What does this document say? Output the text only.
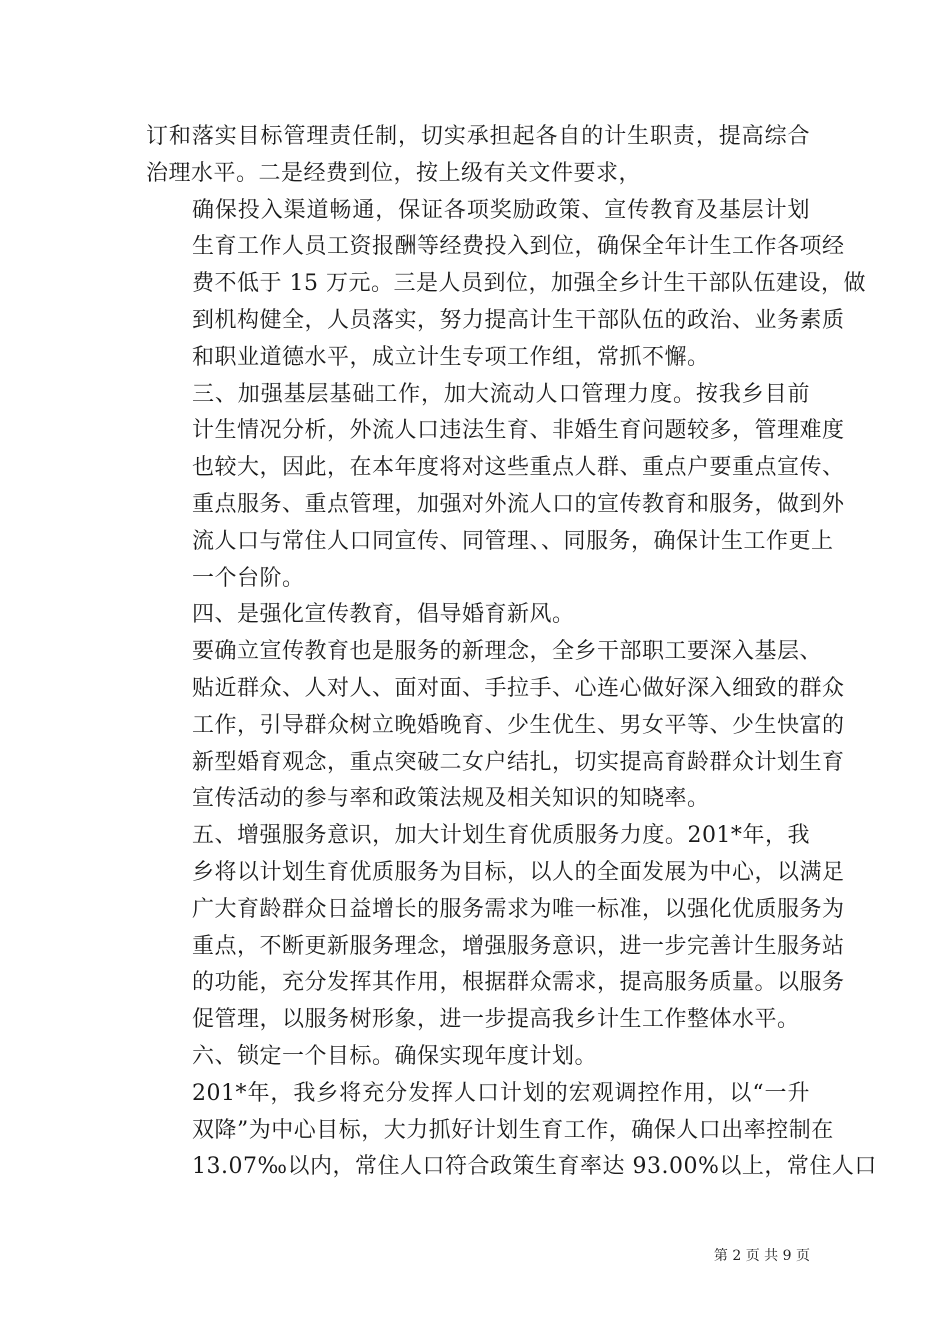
订和落实目标管理责任制，切实承担起各自的计生职责，提高综合
治理水平。二是经费到位，按上级有关文件要求，

确保投入渠道畅通，保证各项奖励政策、宣传教育及基层计划
生育工作人员工资报酬等经费投入到位，确保全年计生工作各项经
费不低于 15 万元。三是人员到位，加强全乡计生干部队伍建设，做
到机构健全，人员落实，努力提高计生干部队伍的政治、业务素质
和职业道德水平，成立计生专项工作组，常抓不懈。

三、加强基层基础工作，加大流动人口管理力度。按我乡目前
计生情况分析，外流人口违法生育、非婚生育问题较多，管理难度
也较大，因此，在本年度将对这些重点人群、重点户要重点宣传、
重点服务、重点管理，加强对外流人口的宣传教育和服务，做到外
流人口与常住人口同宣传、同管理、、同服务，确保计生工作更上
一个台阶。

四、是强化宣传教育，倡导婚育新风。

要确立宣传教育也是服务的新理念，全乡干部职工要深入基层、
贴近群众、人对人、面对面、手拉手、心连心做好深入细致的群众
工作，引导群众树立晚婚晚育、少生优生、男女平等、少生快富的
新型婚育观念，重点突破二女户结扎，切实提高育龄群众计划生育
宣传活动的参与率和政策法规及相关知识的知晓率。

五、增强服务意识，加大计划生育优质服务力度。201*年，我
乡将以计划生育优质服务为目标，以人的全面发展为中心，以满足
广大育龄群众日益增长的服务需求为唯一标准，以强化优质服务为
重点，不断更新服务理念，增强服务意识，进一步完善计生服务站
的功能，充分发挥其作用，根据群众需求，提高服务质量。以服务
促管理，以服务树形象，进一步提高我乡计生工作整体水平。

六、锁定一个目标。确保实现年度计划。

201*年，我乡将充分发挥人口计划的宏观调控作用，以“一升
双降”为中心目标，大力抓好计划生育工作，确保人口出率控制在
13.07‰以内，常住人口符合政策生育率达 93.00%以上，常住人口

第 2 页 共 9 页
